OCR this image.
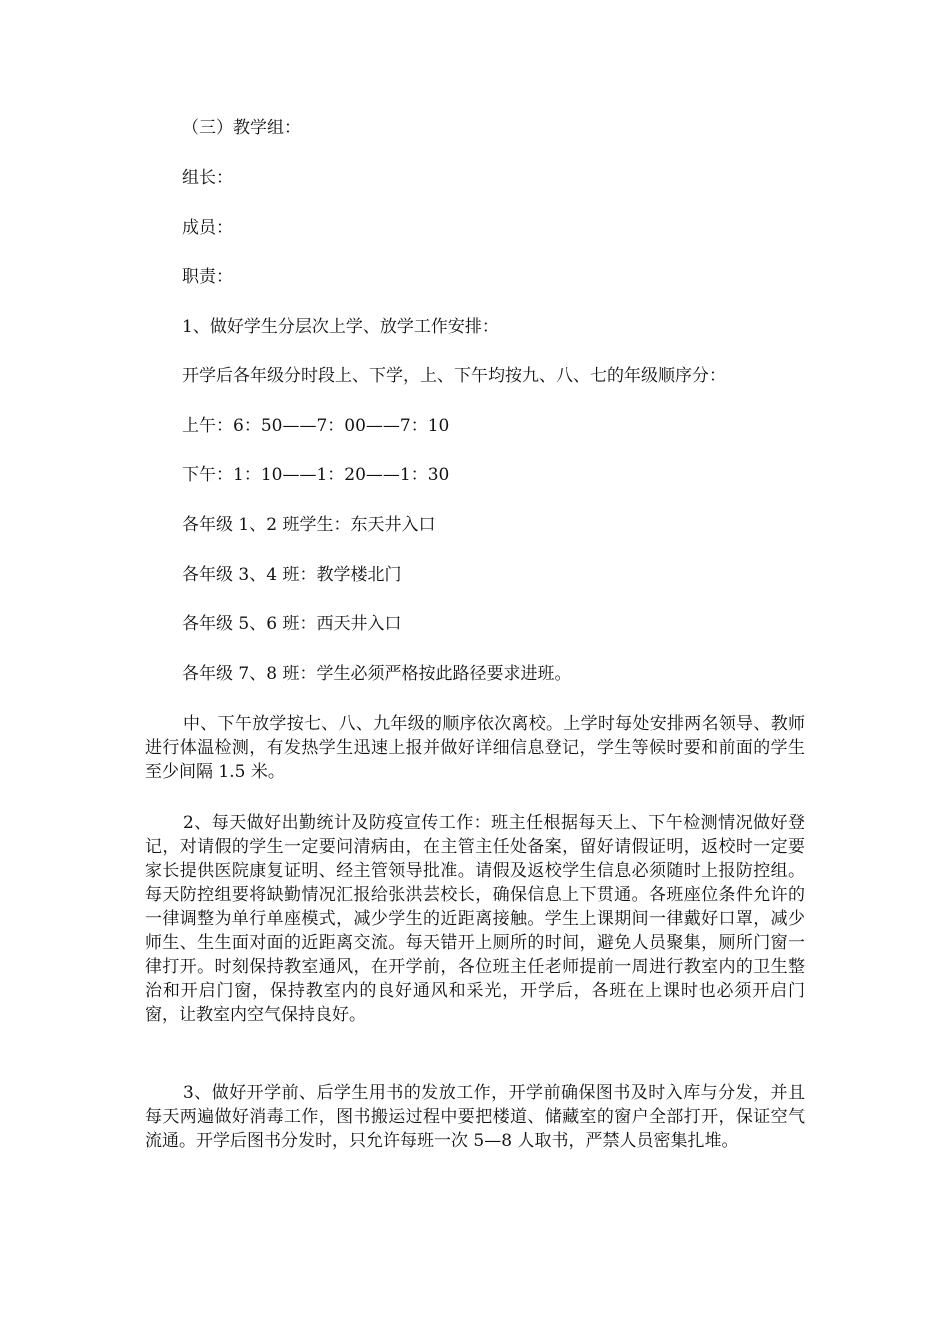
（三）教学组：
组长：
成员：
职责：
1、做好学生分层次上学、放学工作安排：
开学后各年级分时段上、下学，上、下午均按九、八、七的年级顺序分：
上午：6：50——7：00——7：10
下午：1：10——1：20——1：30
各年级 1、2 班学生：东天井入口
各年级 3、4 班：教学楼北门
各年级 5、6 班：西天井入口
各年级 7、8 班：学生必须严格按此路径要求进班。

中、下午放学按七、八、九年级的顺序依次离校。上学时每处安排两名领导、教师进行体温检测，有发热学生迅速上报并做好详细信息登记，学生等候时要和前面的学生至少间隔 1.5 米。

2、每天做好出勤统计及防疫宣传工作：班主任根据每天上、下午检测情况做好登记，对请假的学生一定要问清病由，在主管主任处备案，留好请假证明，返校时一定要家长提供医院康复证明、经主管领导批准。请假及返校学生信息必须随时上报防控组。每天防控组要将缺勤情况汇报给张洪芸校长，确保信息上下贯通。各班座位条件允许的一律调整为单行单座模式，减少学生的近距离接触。学生上课期间一律戴好口罩，减少师生、生生面对面的近距离交流。每天错开上厕所的时间，避免人员聚集，厕所门窗一律打开。时刻保持教室通风，在开学前，各位班主任老师提前一周进行教室内的卫生整治和开启门窗，保持教室内的良好通风和采光，开学后，各班在上课时也必须开启门窗，让教室内空气保持良好。

3、做好开学前、后学生用书的发放工作，开学前确保图书及时入库与分发，并且每天两遍做好消毒工作，图书搬运过程中要把楼道、储藏室的窗户全部打开，保证空气流通。开学后图书分发时，只允许每班一次 5—8 人取书，严禁人员密集扎堆。
